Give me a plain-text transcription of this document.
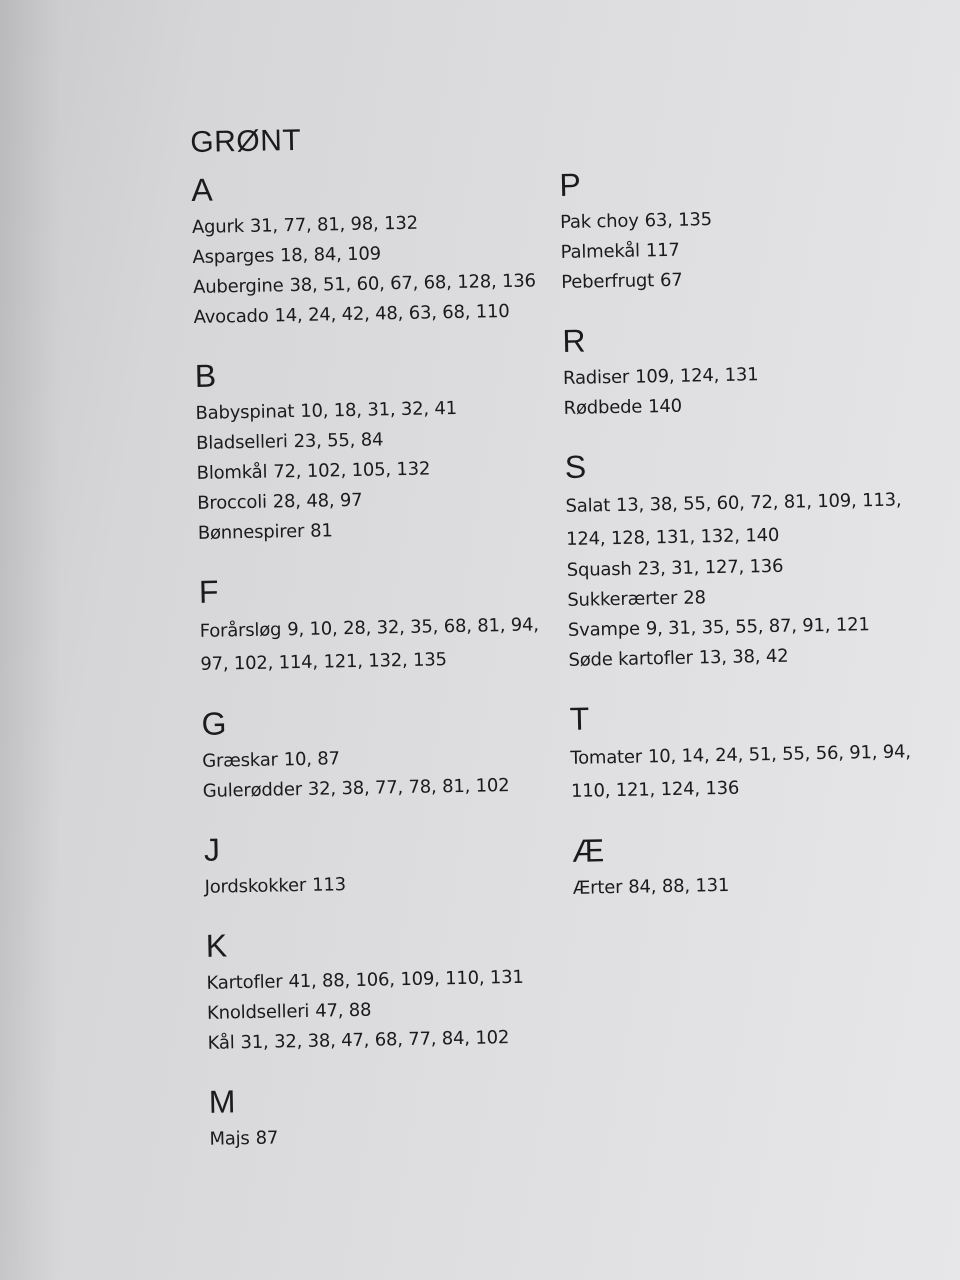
GRØNT
A
Agurk 31, 77, 81, 98, 132
Asparges 18, 84, 109
Aubergine 38, 51, 60, 67, 68, 128, 136
Avocado 14, 24, 42, 48, 63, 68, 110
B
Babyspinat 10, 18, 31, 32, 41
Bladselleri 23, 55, 84
Blomkål 72, 102, 105, 132
Broccoli 28, 48, 97
Bønnespirer 81
F
Forårsløg 9, 10, 28, 32, 35, 68, 81, 94, 97, 102, 114, 121, 132, 135
G
Græskar 10, 87
Gulerødder 32, 38, 77, 78, 81, 102
J
Jordskokker 113
K
Kartofler 41, 88, 106, 109, 110, 131
Knoldselleri 47, 88
Kål 31, 32, 38, 47, 68, 77, 84, 102
M
Majs 87
P
Pak choy 63, 135
Palmekål 117
Peberfrugt 67
R
Radiser 109, 124, 131
Rødbede 140
S
Salat 13, 38, 55, 60, 72, 81, 109, 113, 124, 128, 131, 132, 140
Squash 23, 31, 127, 136
Sukkerærter 28
Svampe 9, 31, 35, 55, 87, 91, 121
Søde kartofler 13, 38, 42
T
Tomater 10, 14, 24, 51, 55, 56, 91, 94, 110, 121, 124, 136
Æ
Ærter 84, 88, 131
